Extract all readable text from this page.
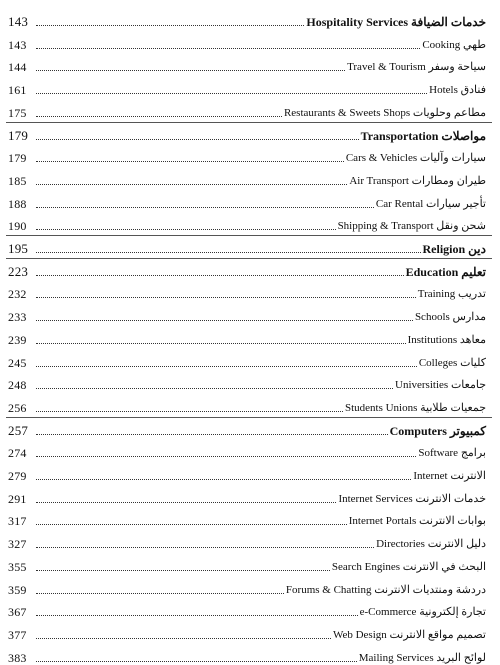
143	خدمات الضيافة Hospitality Services
143	طهي Cooking
144	سياحة وسفر Travel & Tourism
161	فنادق Hotels
175	مطاعم وحلويات Restaurants & Sweets Shops
179	مواصلات Transportation
179	سيارات وآليات Cars & Vehicles
185	طيران ومطارات Air Transport
188	تأجير سيارات Car Rental
190	شحن ونقل Shipping & Transport
195	دين Religion
223	تعليم Education
232	تدريب Training
233	مدارس Schools
239	معاهد Institutions
245	كليات Colleges
248	جامعات Universities
256	جمعيات طلابية Students Unions
257	كمبيوتر Computers
274	برامج Software
279	الانترنت Internet
291	خدمات الانترنت Internet Services
317	بوابات الانترنت Internet Portals
327	دليل الانترنت Directories
355	البحث في الانترنت Search Engines
359	دردشة ومنتديات الانترنت Forums & Chatting
367	تجارة إلكترونية e-Commerce
377	تصميم مواقع الانترنت Web Design
383	لوائح البريد Mailing Services
